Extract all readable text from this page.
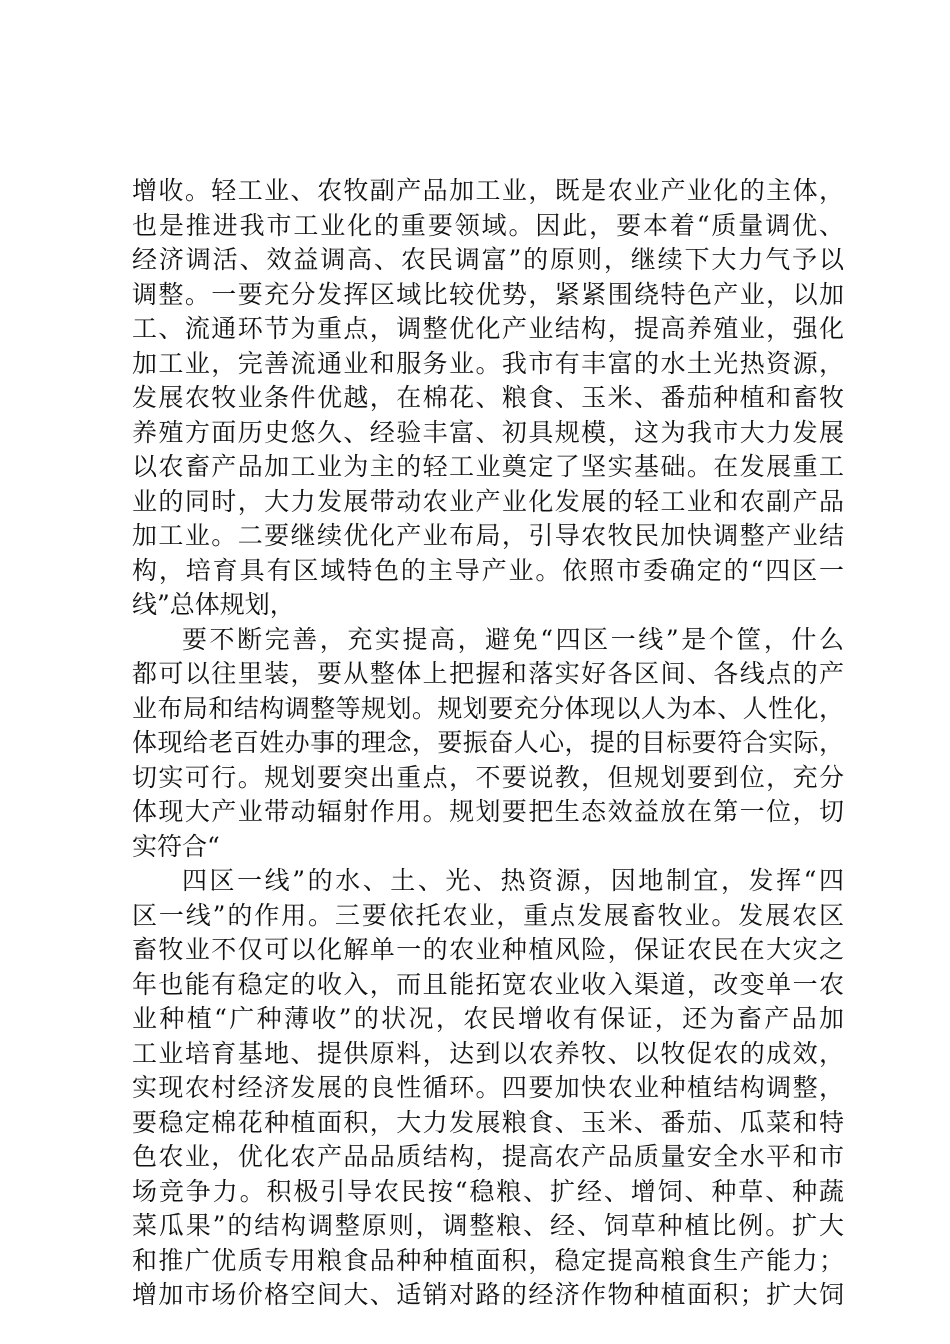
增收。轻工业、农牧副产品加工业，既是农业产业化的主体，
也是推进我市工业化的重要领域。因此，要本着“质量调优、
经济调活、效益调高、农民调富”的原则，继续下大力气予以
调整。一要充分发挥区域比较优势，紧紧围绕特色产业，以加
工、流通环节为重点，调整优化产业结构，提高养殖业，强化
加工业，完善流通业和服务业。我市有丰富的水土光热资源，
发展农牧业条件优越，在棉花、粮食、玉米、番茄种植和畜牧
养殖方面历史悠久、经验丰富、初具规模，这为我市大力发展
以农畜产品加工业为主的轻工业奠定了坚实基础。在发展重工
业的同时，大力发展带动农业产业化发展的轻工业和农副产品
加工业。二要继续优化产业布局，引导农牧民加快调整产业结
构，培育具有区域特色的主导产业。依照市委确定的“四区一
线”总体规划，
要不断完善，充实提高，避免“四区一线”是个筐，什么
都可以往里装，要从整体上把握和落实好各区间、各线点的产
业布局和结构调整等规划。规划要充分体现以人为本、人性化，
体现给老百姓办事的理念，要振奋人心，提的目标要符合实际，
切实可行。规划要突出重点，不要说教，但规划要到位，充分
体现大产业带动辐射作用。规划要把生态效益放在第一位，切
实符合“
四区一线”的水、土、光、热资源，因地制宜，发挥“四
区一线”的作用。三要依托农业，重点发展畜牧业。发展农区
畜牧业不仅可以化解单一的农业种植风险，保证农民在大灾之
年也能有稳定的收入，而且能拓宽农业收入渠道，改变单一农
业种植“广种薄收”的状况，农民增收有保证，还为畜产品加
工业培育基地、提供原料，达到以农养牧、以牧促农的成效，
实现农村经济发展的良性循环。四要加快农业种植结构调整，
要稳定棉花种植面积，大力发展粮食、玉米、番茄、瓜菜和特
色农业，优化农产品品质结构，提高农产品质量安全水平和市
场竞争力。积极引导农民按“稳粮、扩经、增饲、种草、种蔬
菜瓜果”的结构调整原则，调整粮、经、饲草种植比例。扩大
和推广优质专用粮食品种种植面积，稳定提高粮食生产能力；
增加市场价格空间大、适销对路的经济作物种植面积；扩大饲
